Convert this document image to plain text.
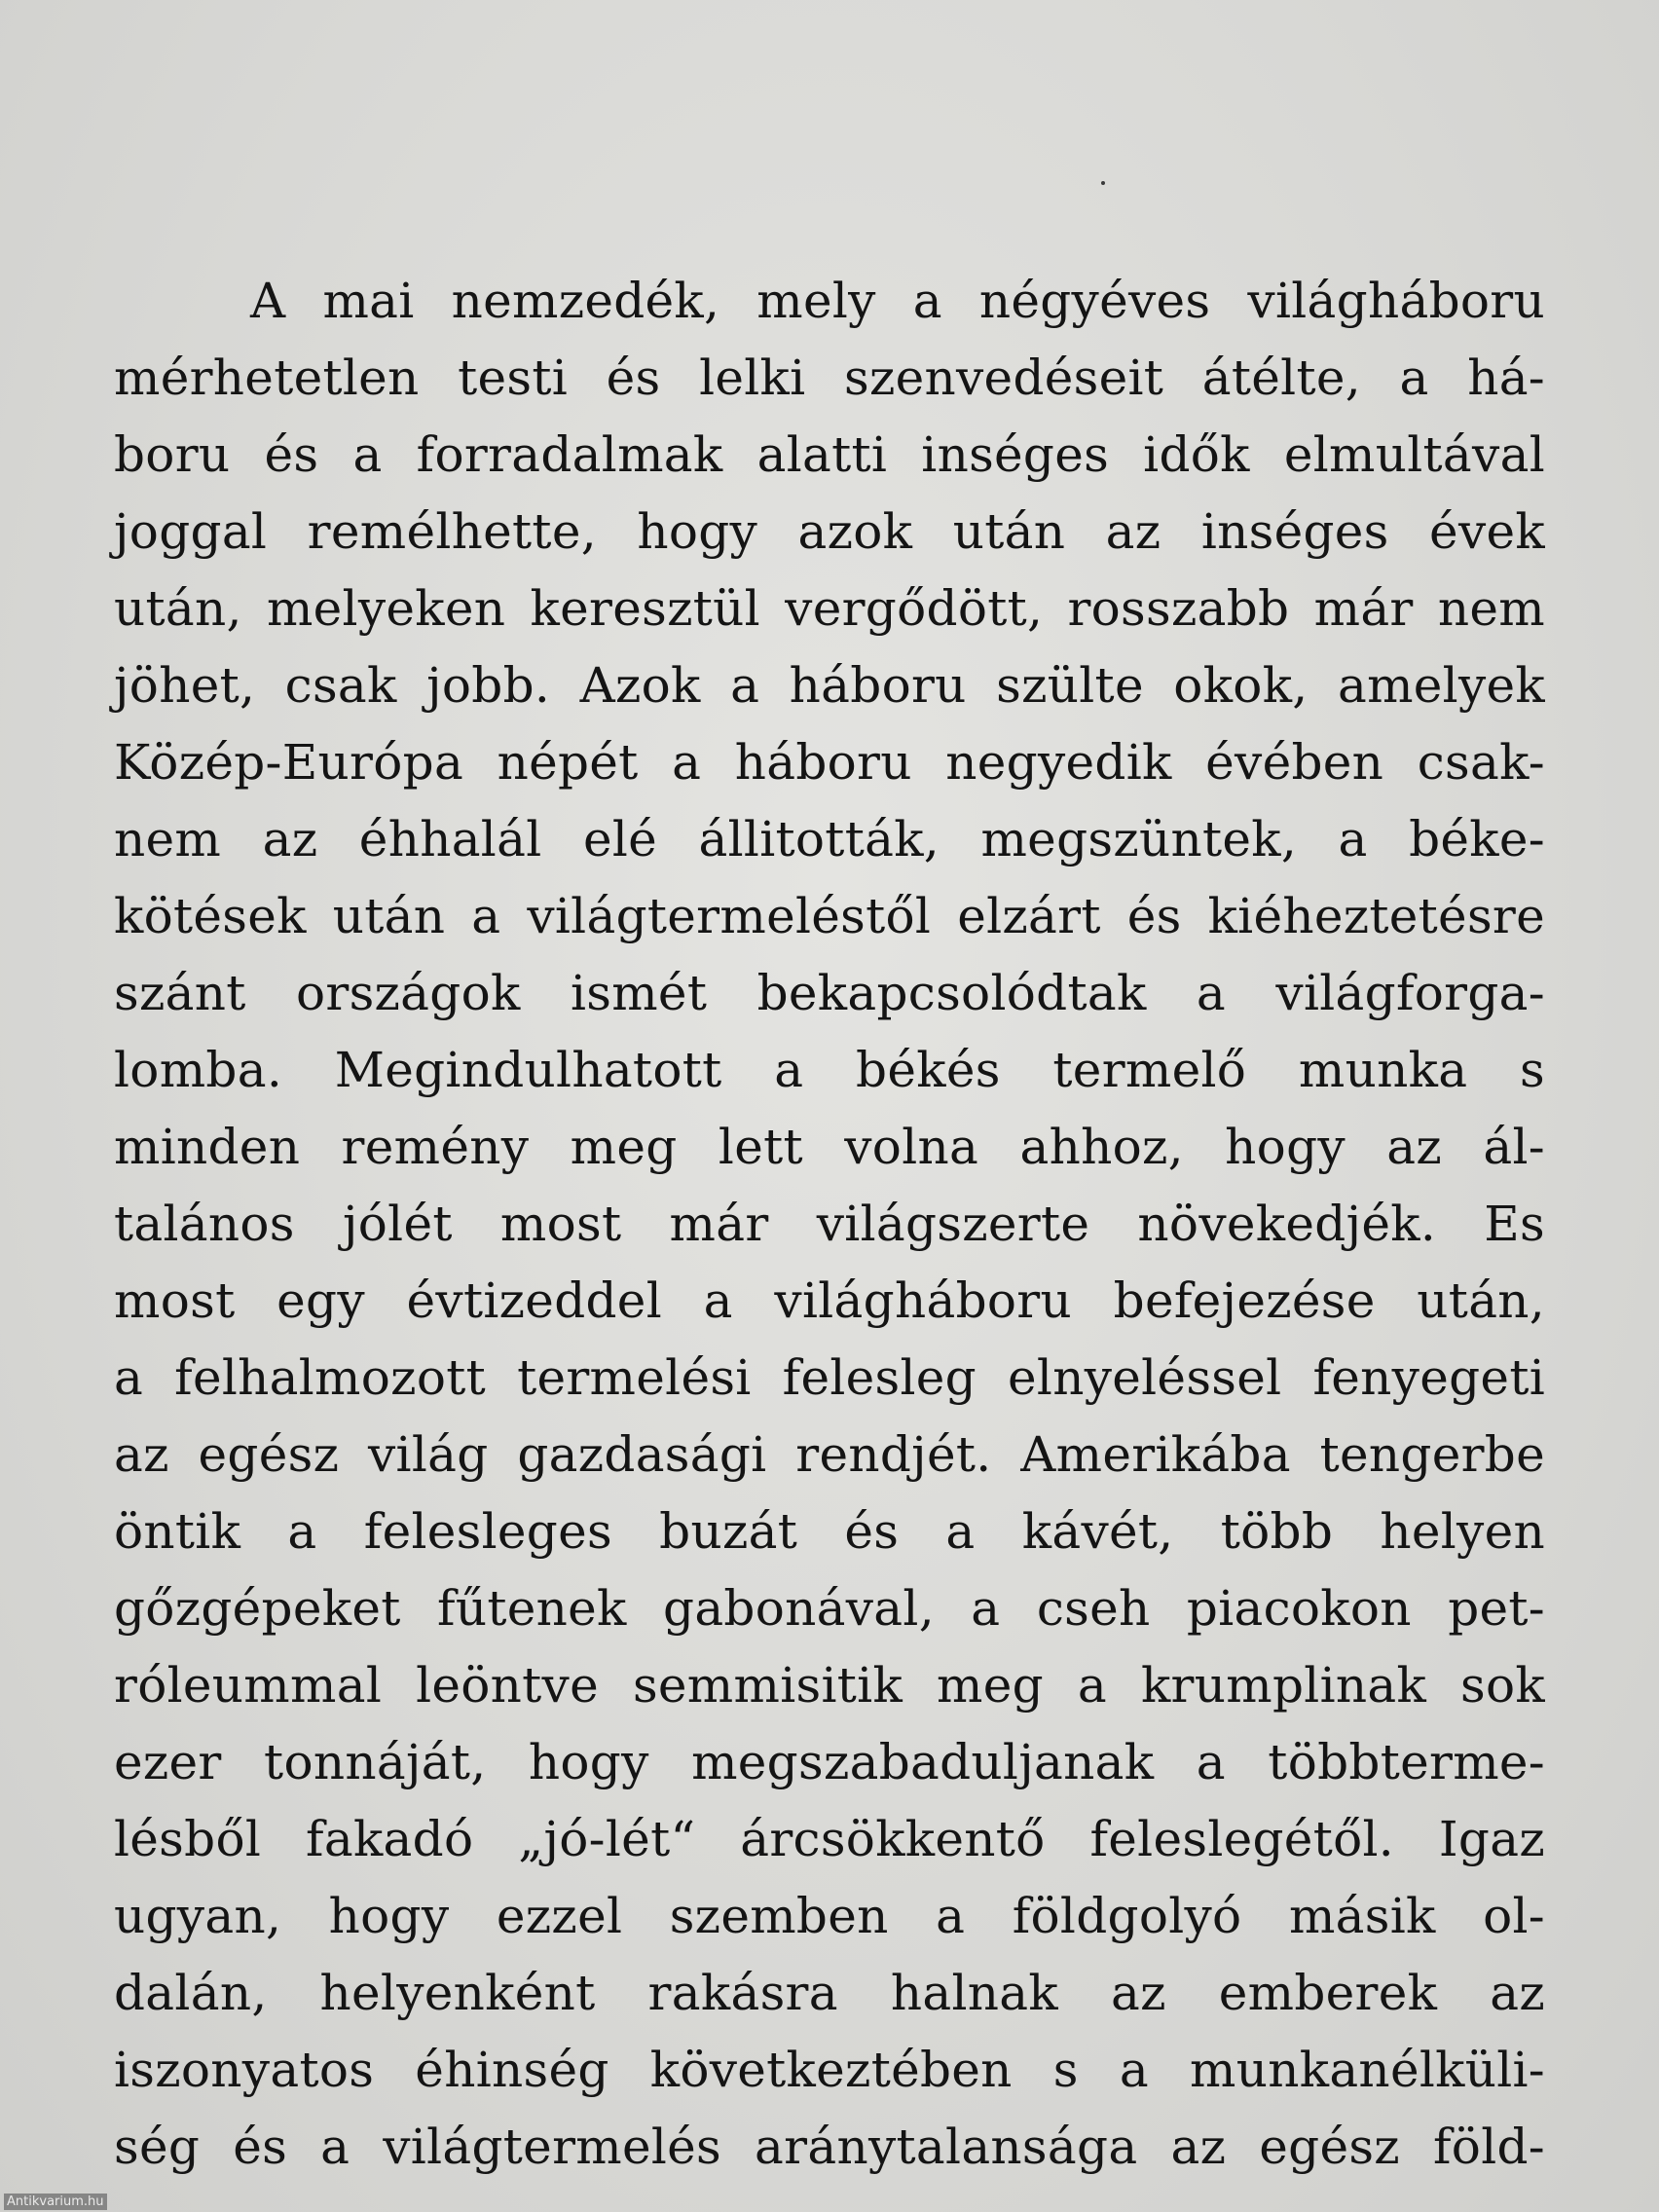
A mai nemzedék, mely a négyéves világháboru
mérhetetlen testi és lelki szenvedéseit átélte, a há-
boru és a forradalmak alatti inséges idők elmultával
joggal remélhette, hogy azok után az inséges évek
után, melyeken keresztül vergődött, rosszabb már nem
jöhet, csak jobb. Azok a háboru szülte okok, amelyek
Közép-Európa népét a háboru negyedik évében csak-
nem az éhhalál elé állitották, megszüntek, a béke-
kötések után a világtermeléstől elzárt és kiéheztetésre
szánt országok ismét bekapcsolódtak a világforga-
lomba. Megindulhatott a békés termelő munka s
minden remény meg lett volna ahhoz, hogy az ál-
talános jólét most már világszerte növekedjék. Es
most egy évtizeddel a világháboru befejezése után,
a felhalmozott termelési felesleg elnyeléssel fenyegeti
az egész világ gazdasági rendjét. Amerikába tengerbe
öntik a felesleges buzát és a kávét, több helyen
gőzgépeket fűtenek gabonával, a cseh piacokon pet-
róleummal leöntve semmisitik meg a krumplinak sok
ezer tonnáját, hogy megszabaduljanak a többterme-
lésből fakadó „jó-lét“ árcsökkentő feleslegétől. Igaz
ugyan, hogy ezzel szemben a földgolyó másik ol-
dalán, helyenként rakásra halnak az emberek az
iszonyatos éhinség következtében s a munkanélküli-
ség és a világtermelés aránytalansága az egész föld-
Antikvarium.hu
